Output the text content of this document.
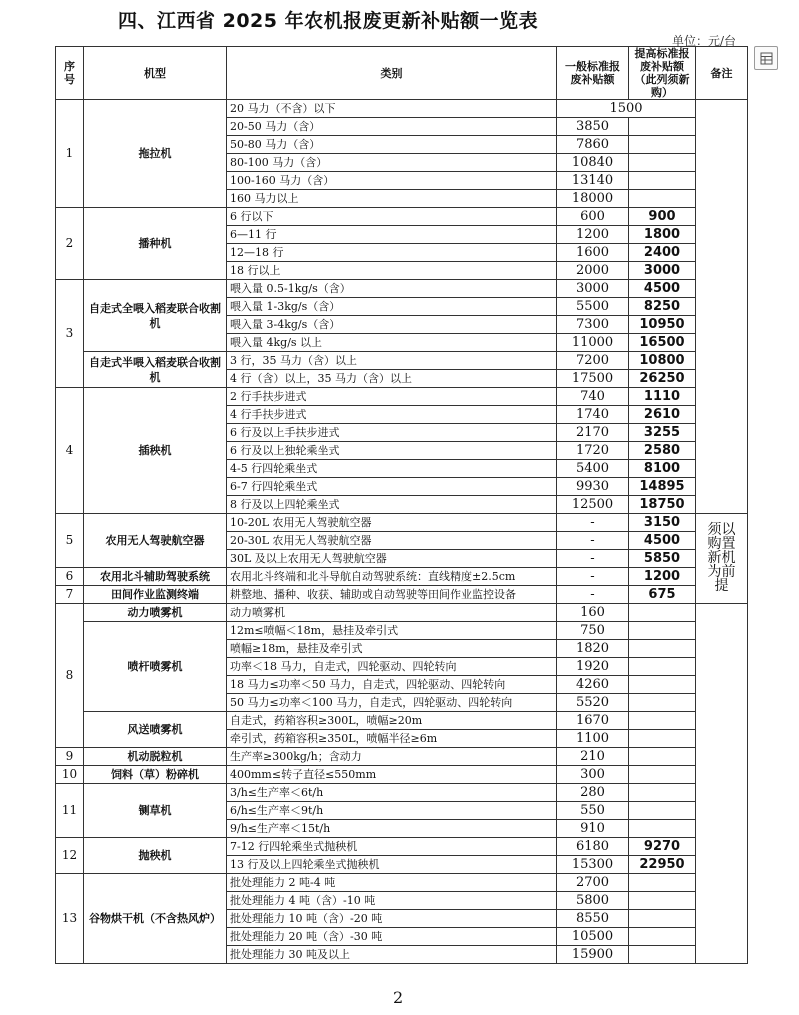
四、江西省 2025 年农机报废更新补贴额一览表
单位：元/台
序号	机型	类别	一般标准报废补贴额	提高标准报废补贴额（此列须新购）	备注
1	拖拉机	20 马力（不含）以下	1500		
		20-50 马力（含）	3850		
		50-80 马力（含）	7860		
		80-100 马力（含）	10840		
		100-160 马力（含）	13140		
		160 马力以上	18000		
2	播种机	6 行以下	600	900	
		6—11 行	1200	1800	
		12—18 行	1600	2400	
		18 行以上	2000	3000	
3	自走式全喂入稻麦联合收割机	喂入量 0.5-1kg/s（含）	3000	4500	
		喂入量 1-3kg/s（含）	5500	8250	
		喂入量 3-4kg/s（含）	7300	10950	
		喂入量 4kg/s 以上	11000	16500	
	自走式半喂入稻麦联合收割机	3 行，35 马力（含）以上	7200	10800	
		4 行（含）以上，35 马力（含）以上	17500	26250	
4	插秧机	2 行手扶步进式	740	1110	
		4 行手扶步进式	1740	2610	
		6 行及以上手扶步进式	2170	3255	
		6 行及以上独轮乘坐式	1720	2580	
		4-5 行四轮乘坐式	5400	8100	
		6-7 行四轮乘坐式	9930	14895	
		8 行及以上四轮乘坐式	12500	18750	
5	农用无人驾驶航空器	10-20L 农用无人驾驶航空器	-	3150	须以购置新机为前提
		20-30L 农用无人驾驶航空器	-	4500	
		30L 及以上农用无人驾驶航空器	-	5850	
6	农用北斗辅助驾驶系统	农用北斗终端和北斗导航自动驾驶系统：直线精度±2.5cm	-	1200	
7	田间作业监测终端	耕整地、播种、收获、辅助或自动驾驶等田间作业监控设备	-	675	
8	动力喷雾机	动力喷雾机	160		
	喷杆喷雾机	12m≤喷幅＜18m，悬挂及牵引式	750		
		喷幅≥18m，悬挂及牵引式	1820		
		功率＜18 马力，自走式，四轮驱动、四轮转向	1920		
		18 马力≤功率＜50 马力，自走式，四轮驱动、四轮转向	4260		
		50 马力≤功率＜100 马力，自走式，四轮驱动、四轮转向	5520		
	风送喷雾机	自走式，药箱容积≥300L，喷幅≥20m	1670		
		牵引式，药箱容积≥350L，喷幅半径≥6m	1100		
9	机动脱粒机	生产率≥300kg/h；含动力	210		
10	饲料（草）粉碎机	400mm≤转子直径≤550mm	300		
11	铡草机	3/h≤生产率＜6t/h	280		
		6/h≤生产率＜9t/h	550		
		9/h≤生产率＜15t/h	910		
12	抛秧机	7-12 行四轮乘坐式抛秧机	6180	9270	
		13 行及以上四轮乘坐式抛秧机	15300	22950	
13	谷物烘干机（不含热风炉）	批处理能力 2 吨-4 吨	2700		
		批处理能力 4 吨（含）-10 吨	5800		
		批处理能力 10 吨（含）-20 吨	8550		
		批处理能力 20 吨（含）-30 吨	10500		
		批处理能力 30 吨及以上	15900		
2
